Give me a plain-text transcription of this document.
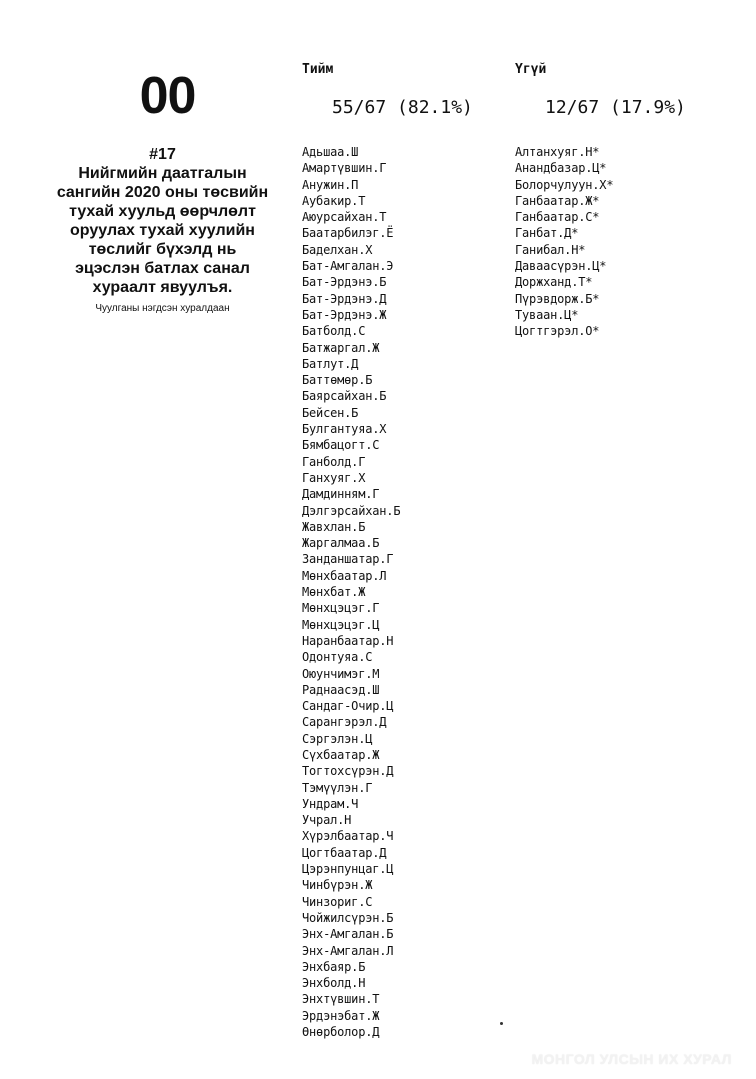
00
#17
Нийгмийн даатгалын
сангийн 2020 оны төсвийн
тухай хуульд өөрчлөлт
оруулах тухай хуулийн
төслийг бүхэлд нь
эцэслэн батлах санал
хураалт явуулъя.
Чуулганы нэгдсэн хуралдаан
Тийм	Үгүй
55/67 (82.1%)	12/67 (17.9%)
Адьшаа.Ш
Амартүвшин.Г
Анужин.П
Аубакир.Т
Аюурсайхан.Т
Баатарбилэг.Ё
Баделхан.Х
Бат-Амгалан.Э
Бат-Эрдэнэ.Б
Бат-Эрдэнэ.Д
Бат-Эрдэнэ.Ж
Батболд.С
Батжаргал.Ж
Батлут.Д
Баттөмөр.Б
Баярсайхан.Б
Бейсен.Б
Булгантуяа.Х
Бямбацогт.С
Ганболд.Г
Ганхуяг.Х
Дамдинням.Г
Дэлгэрсайхан.Б
Жавхлан.Б
Жаргалмаа.Б
Занданшатар.Г
Мөнхбаатар.Л
Мөнхбат.Ж
Мөнхцэцэг.Г
Мөнхцэцэг.Ц
Наранбаатар.Н
Одонтуяа.С
Оюунчимэг.М
Раднаасэд.Ш
Сандаг-Очир.Ц
Сарангэрэл.Д
Сэргэлэн.Ц
Сүхбаатар.Ж
Тогтохсүрэн.Д
Тэмүүлэн.Г
Ундрам.Ч
Учрал.Н
Хүрэлбаатар.Ч
Цогтбаатар.Д
Цэрэнпунцаг.Ц
Чинбүрэн.Ж
Чинзориг.С
Чойжилсүрэн.Б
Энх-Амгалан.Б
Энх-Амгалан.Л
Энхбаяр.Б
Энхболд.Н
Энхтүвшин.Т
Эрдэнэбат.Ж
Өнөрболор.Д
Алтанхуяг.Н*
Анандбазар.Ц*
Болорчулуун.Х*
Ганбаатар.Ж*
Ганбаатар.С*
Ганбат.Д*
Ганибал.Н*
Даваасүрэн.Ц*
Доржханд.Т*
Пүрэвдорж.Б*
Туваан.Ц*
Цогтгэрэл.О*
МОНГОЛ УЛСЫН ИХ ХУРАЛ
